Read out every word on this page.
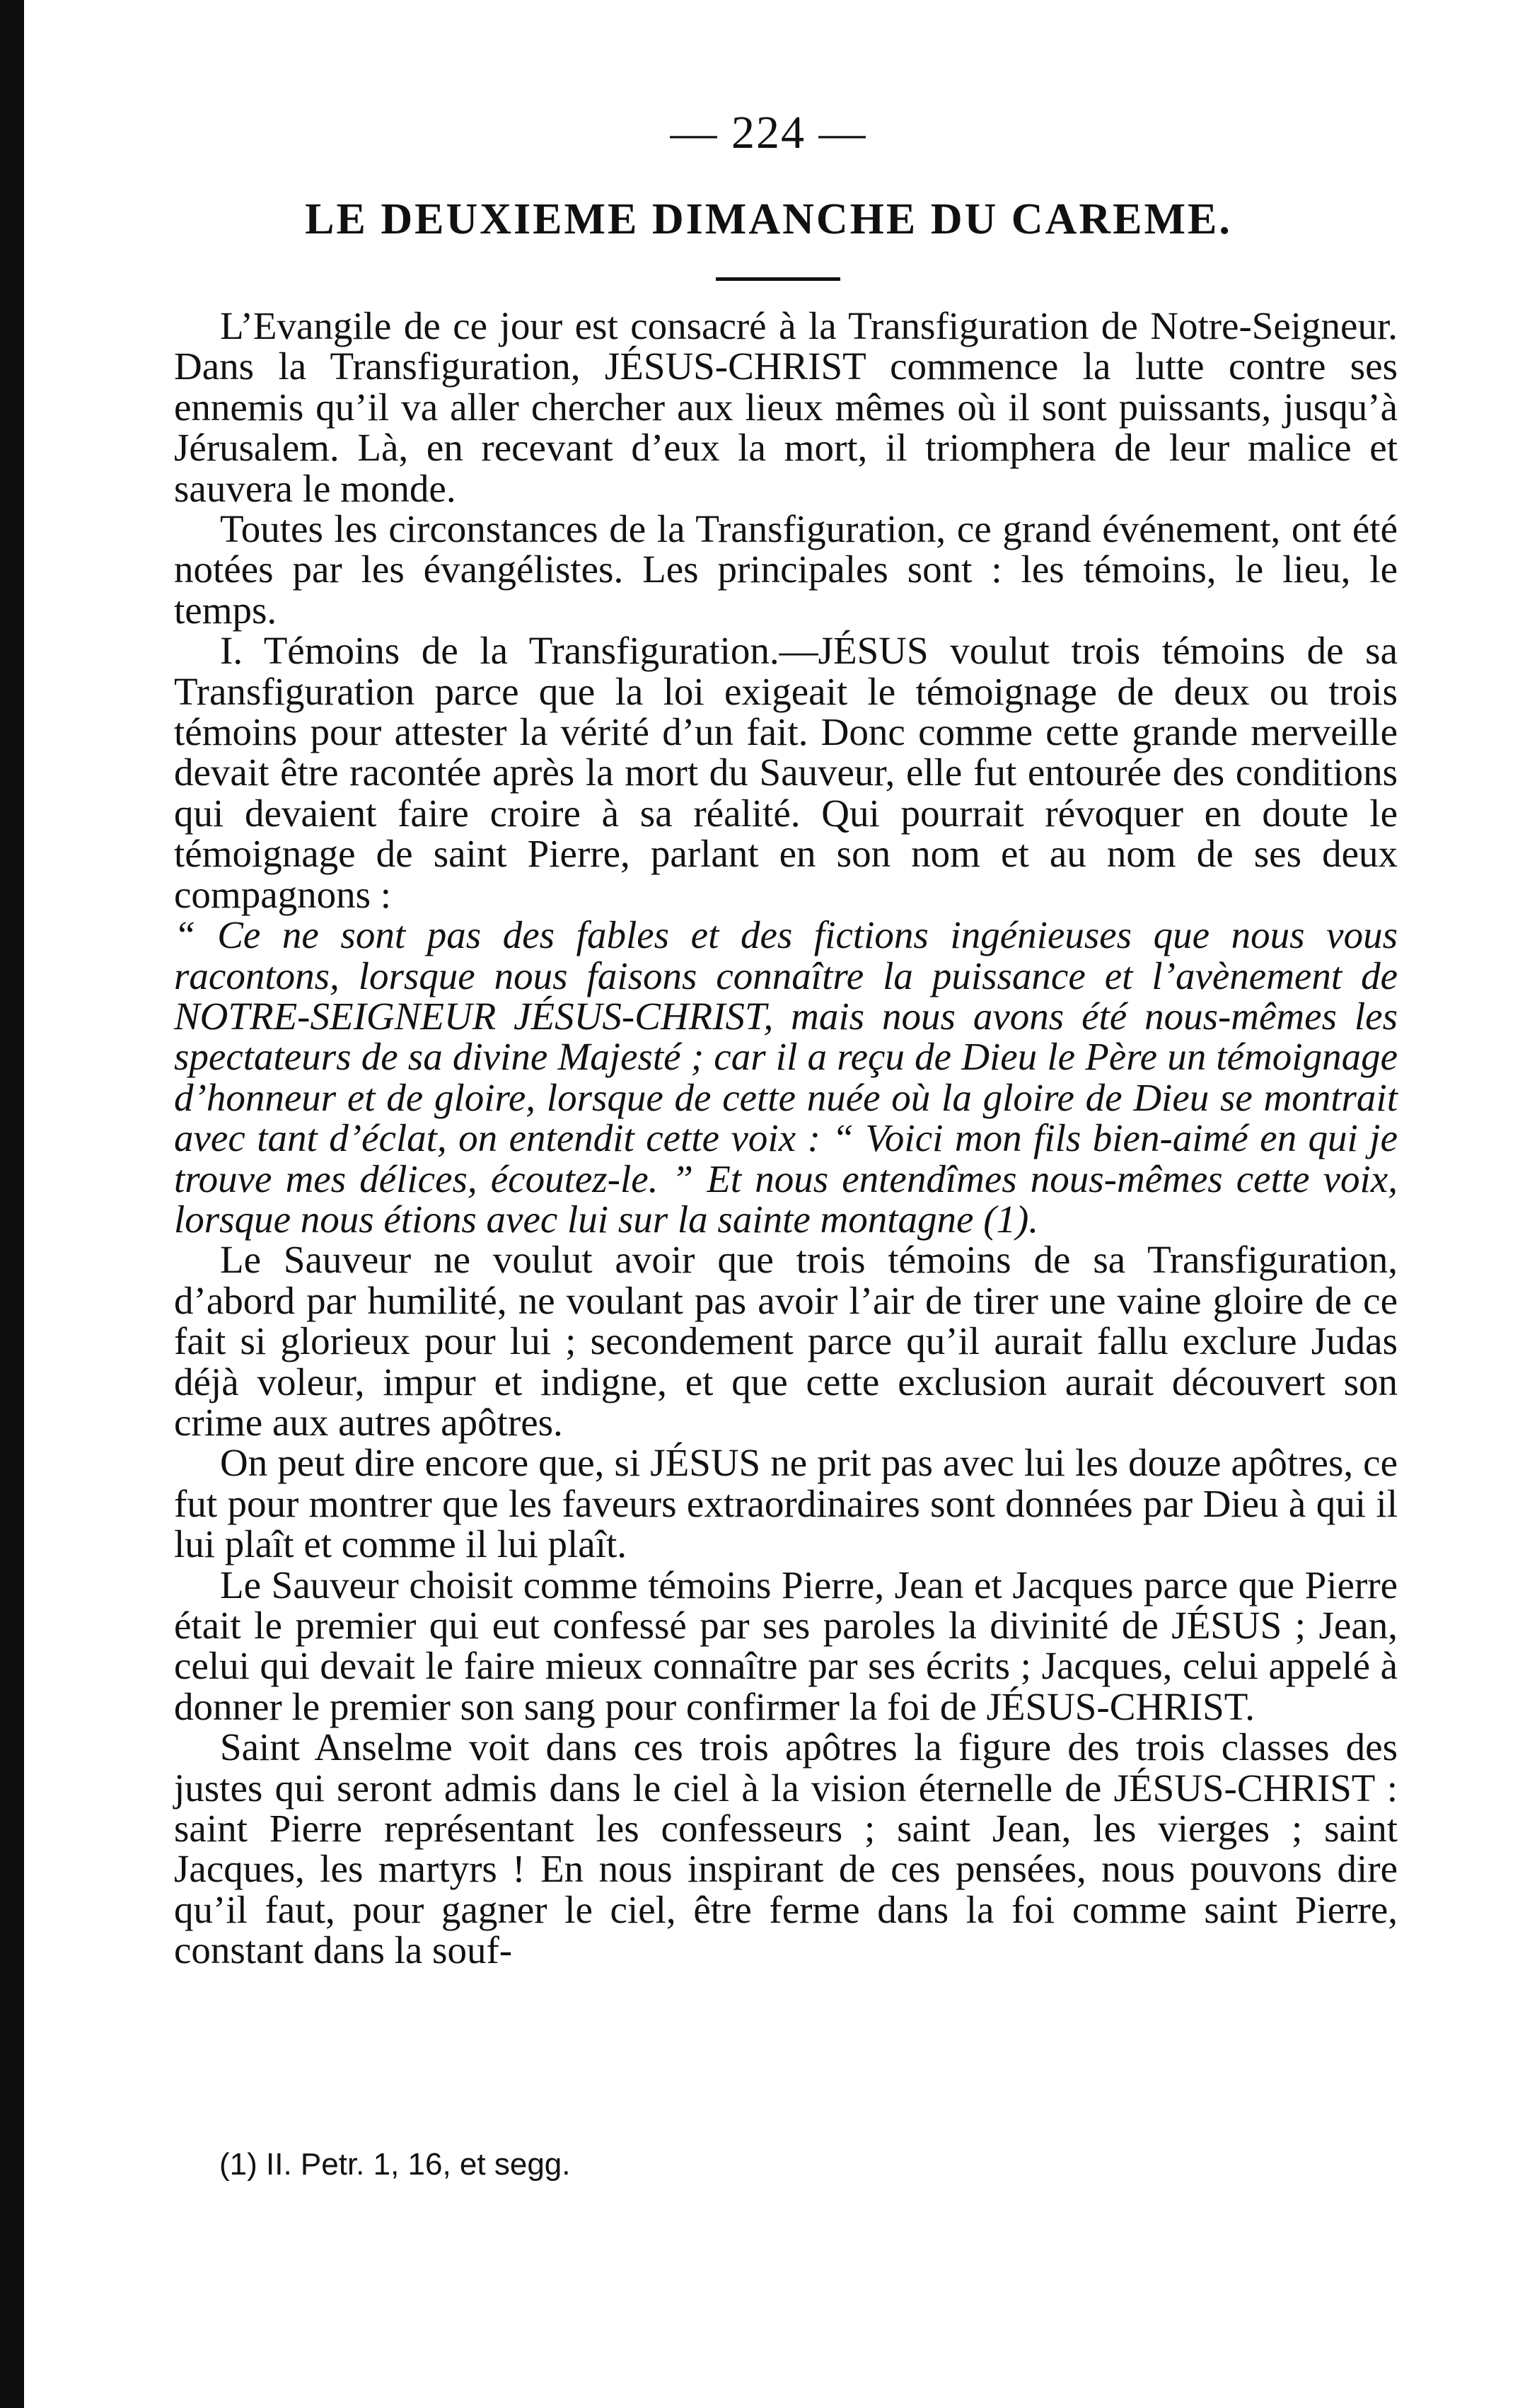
— 224 —
LE DEUXIEME DIMANCHE DU CAREME.

L’Evangile de ce jour est consacré à la Transfiguration de Notre-Seigneur. Dans la Transfiguration, JÉSUS-CHRIST commence la lutte contre ses ennemis qu’il va aller chercher aux lieux mêmes où il sont puissants, jusqu’à Jérusalem. Là, en recevant d’eux la mort, il triomphera de leur malice et sauvera le monde.

Toutes les circonstances de la Transfiguration, ce grand événement, ont été notées par les évangélistes. Les principales sont : les témoins, le lieu, le temps.

I. Témoins de la Transfiguration.—JÉSUS voulut trois témoins de sa Transfiguration parce que la loi exigeait le témoignage de deux ou trois témoins pour attester la vérité d’un fait. Donc comme cette grande merveille devait être racontée après la mort du Sauveur, elle fut entourée des conditions qui devaient faire croire à sa réalité. Qui pourrait révoquer en doute le témoignage de saint Pierre, parlant en son nom et au nom de ses deux compagnons :

“ Ce ne sont pas des fables et des fictions ingénieuses que nous vous racontons, lorsque nous faisons connaître la puissance et l’avènement de NOTRE-SEIGNEUR JÉSUS-CHRIST, mais nous avons été nous-mêmes les spectateurs de sa divine Majesté ; car il a reçu de Dieu le Père un témoignage d’honneur et de gloire, lorsque de cette nuée où la gloire de Dieu se montrait avec tant d’éclat, on entendit cette voix : “ Voici mon fils bien-aimé en qui je trouve mes délices, écoutez-le. ” Et nous entendîmes nous-mêmes cette voix, lorsque nous étions avec lui sur la sainte montagne (1).

Le Sauveur ne voulut avoir que trois témoins de sa Transfiguration, d’abord par humilité, ne voulant pas avoir l’air de tirer une vaine gloire de ce fait si glorieux pour lui ; secondement parce qu’il aurait fallu exclure Judas déjà voleur, impur et indigne, et que cette exclusion aurait découvert son crime aux autres apôtres.

On peut dire encore que, si JÉSUS ne prit pas avec lui les douze apôtres, ce fut pour montrer que les faveurs extraordinaires sont données par Dieu à qui il lui plaît et comme il lui plaît.

Le Sauveur choisit comme témoins Pierre, Jean et Jacques parce que Pierre était le premier qui eut confessé par ses paroles la divinité de JÉSUS ; Jean, celui qui devait le faire mieux connaître par ses écrits ; Jacques, celui appelé à donner le premier son sang pour confirmer la foi de JÉSUS-CHRIST.

Saint Anselme voit dans ces trois apôtres la figure des trois classes des justes qui seront admis dans le ciel à la vision éternelle de JÉSUS-CHRIST : saint Pierre représentant les confesseurs ; saint Jean, les vierges ; saint Jacques, les martyrs ! En nous inspirant de ces pensées, nous pouvons dire qu’il faut, pour gagner le ciel, être ferme dans la foi comme saint Pierre, constant dans la souf-

(1) II. Petr. 1, 16, et segg.
